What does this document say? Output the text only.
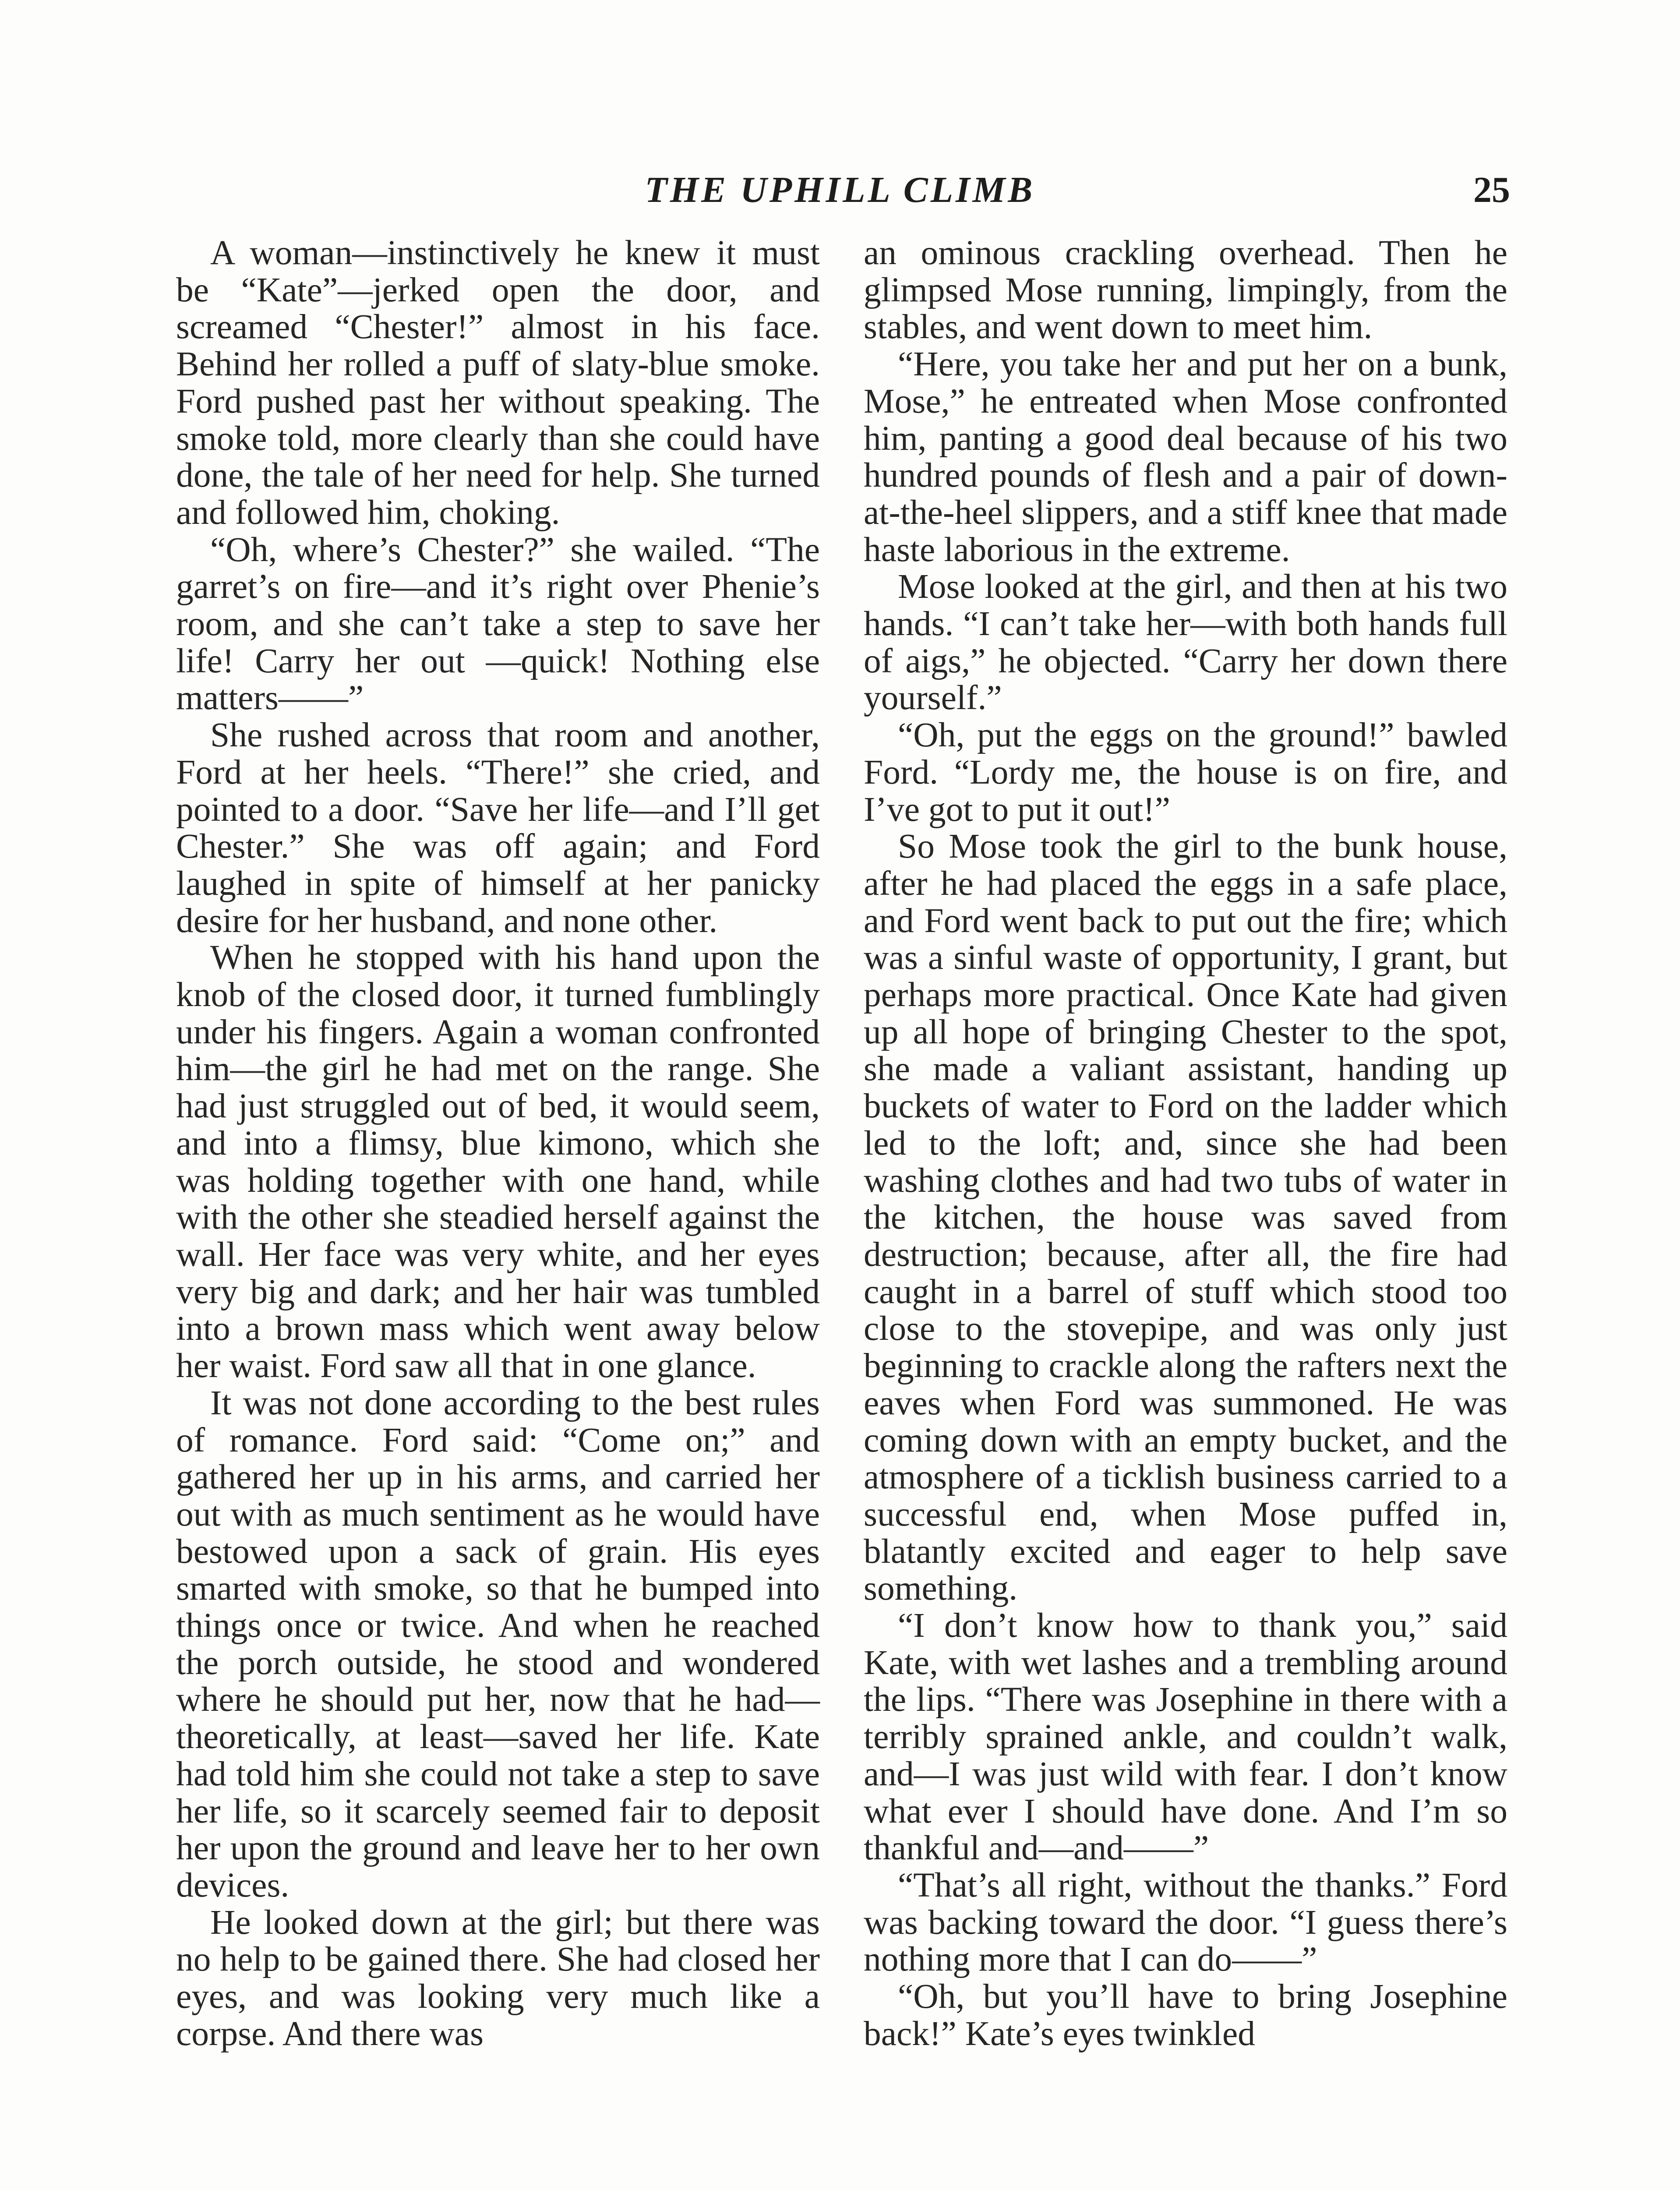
THE UPHILL CLIMB	25

A woman—instinctively he knew it must be “Kate”—jerked open the door, and screamed “Chester!” almost in his face. Behind her rolled a puff of slaty-blue smoke. Ford pushed past her without speaking. The smoke told, more clearly than she could have done, the tale of her need for help. She turned and followed him, choking.

“Oh, where’s Chester?” she wailed. “The garret’s on fire—and it’s right over Phenie’s room, and she can’t take a step to save her life! Carry her out —quick! Nothing else matters——”

She rushed across that room and another, Ford at her heels. “There!” she cried, and pointed to a door. “Save her life—and I’ll get Chester.” She was off again; and Ford laughed in spite of himself at her panicky desire for her husband, and none other.

When he stopped with his hand upon the knob of the closed door, it turned fumblingly under his fingers. Again a woman confronted him—the girl he had met on the range. She had just struggled out of bed, it would seem, and into a flimsy, blue kimono, which she was holding together with one hand, while with the other she steadied herself against the wall. Her face was very white, and her eyes very big and dark; and her hair was tumbled into a brown mass which went away below her waist. Ford saw all that in one glance.

It was not done according to the best rules of romance. Ford said: “Come on;” and gathered her up in his arms, and carried her out with as much sentiment as he would have bestowed upon a sack of grain. His eyes smarted with smoke, so that he bumped into things once or twice. And when he reached the porch outside, he stood and wondered where he should put her, now that he had—theoretically, at least—saved her life. Kate had told him she could not take a step to save her life, so it scarcely seemed fair to deposit her upon the ground and leave her to her own devices.

He looked down at the girl; but there was no help to be gained there. She had closed her eyes, and was looking very much like a corpse. And there was

an ominous crackling overhead. Then he glimpsed Mose running, limpingly, from the stables, and went down to meet him.

“Here, you take her and put her on a bunk, Mose,” he entreated when Mose confronted him, panting a good deal because of his two hundred pounds of flesh and a pair of down-at-the-heel slippers, and a stiff knee that made haste laborious in the extreme.

Mose looked at the girl, and then at his two hands. “I can’t take her—with both hands full of aigs,” he objected. “Carry her down there yourself.”

“Oh, put the eggs on the ground!” bawled Ford. “Lordy me, the house is on fire, and I’ve got to put it out!”

So Mose took the girl to the bunk house, after he had placed the eggs in a safe place, and Ford went back to put out the fire; which was a sinful waste of opportunity, I grant, but perhaps more practical. Once Kate had given up all hope of bringing Chester to the spot, she made a valiant assistant, handing up buckets of water to Ford on the ladder which led to the loft; and, since she had been washing clothes and had two tubs of water in the kitchen, the house was saved from destruction; because, after all, the fire had caught in a barrel of stuff which stood too close to the stovepipe, and was only just beginning to crackle along the rafters next the eaves when Ford was summoned. He was coming down with an empty bucket, and the atmosphere of a ticklish business carried to a successful end, when Mose puffed in, blatantly excited and eager to help save something.

“I don’t know how to thank you,” said Kate, with wet lashes and a trembling around the lips. “There was Josephine in there with a terribly sprained ankle, and couldn’t walk, and—I was just wild with fear. I don’t know what ever I should have done. And I’m so thankful and—and——”

“That’s all right, without the thanks.” Ford was backing toward the door. “I guess there’s nothing more that I can do——”

“Oh, but you’ll have to bring Josephine back!” Kate’s eyes twinkled
